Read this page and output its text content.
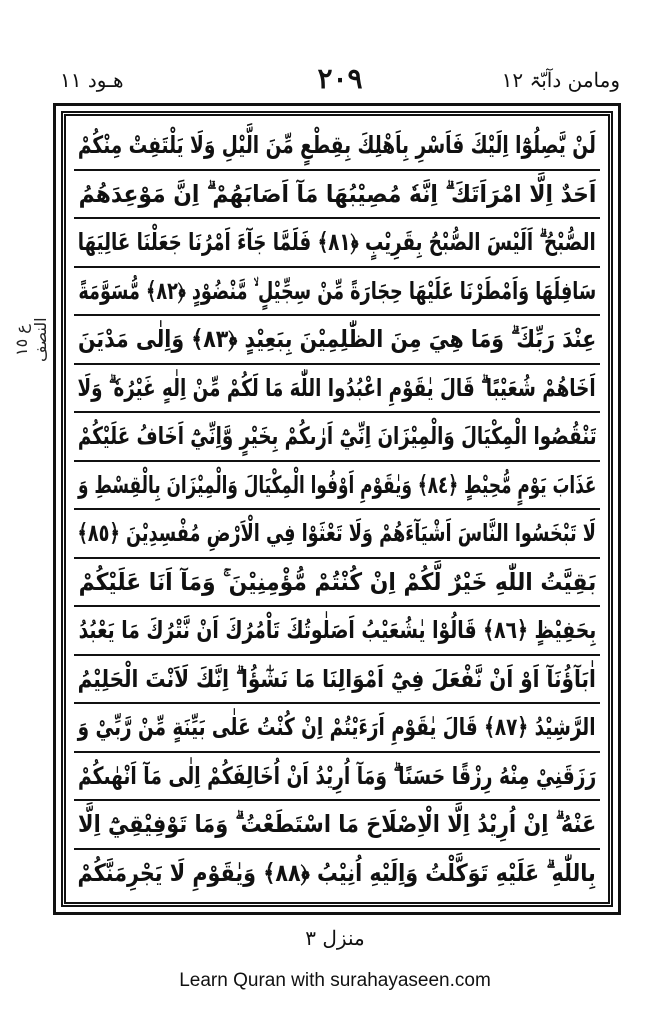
ھـود ۱۱	۲۰۹	ومامن دآبّۃ ۱۲
ع ١٥ النصف
لَنْ يَّصِلُوْٓا اِلَيْكَ فَاَسْرِ بِاَهْلِكَ بِقِطْعٍ مِّنَ الَّيْلِ وَلَا يَلْتَفِتْ مِنْكُمْ
اَحَدٌ اِلَّا امْرَاَتَكَ ۗ اِنَّهٗ مُصِيْبُهَا مَآ اَصَابَهُمْ ۗ اِنَّ مَوْعِدَهُمُ
الصُّبْحُ ۗ اَلَيْسَ الصُّبْحُ بِقَرِيْبٍ ﴿٨١﴾ فَلَمَّا جَآءَ اَمْرُنَا جَعَلْنَا عَالِيَهَا
سَافِلَهَا وَاَمْطَرْنَا عَلَيْهَا حِجَارَةً مِّنْ سِجِّيْلٍ ۙ مَّنْضُوْدٍ ﴿٨٢﴾ مُّسَوَّمَةً
عِنْدَ رَبِّكَ ۗ وَمَا هِيَ مِنَ الظّٰلِمِيْنَ بِبَعِيْدٍ ﴿٨٣﴾ وَاِلٰى مَدْيَنَ
اَخَاهُمْ شُعَيْبًا ۗ قَالَ يٰقَوْمِ اعْبُدُوا اللّٰهَ مَا لَكُمْ مِّنْ اِلٰهٍ غَيْرُهٗ ۗ وَلَا
تَنْقُصُوا الْمِكْيَالَ وَالْمِيْزَانَ اِنِّيْٓ اَرٰىكُمْ بِخَيْرٍ وَّاِنِّيْٓ اَخَافُ عَلَيْكُمْ
عَذَابَ يَوْمٍ مُّحِيْطٍ ﴿٨٤﴾ وَيٰقَوْمِ اَوْفُوا الْمِكْيَالَ وَالْمِيْزَانَ بِالْقِسْطِ وَ
لَا تَبْخَسُوا النَّاسَ اَشْيَآءَهُمْ وَلَا تَعْثَوْا فِي الْاَرْضِ مُفْسِدِيْنَ ﴿٨٥﴾
بَقِيَّتُ اللّٰهِ خَيْرٌ لَّكُمْ اِنْ كُنْتُمْ مُّؤْمِنِيْنَ ۚ وَمَآ اَنَا عَلَيْكُمْ
بِحَفِيْظٍ ﴿٨٦﴾ قَالُوْا يٰشُعَيْبُ اَصَلٰوتُكَ تَاْمُرُكَ اَنْ نَّتْرُكَ مَا يَعْبُدُ
اٰبَآؤُنَآ اَوْ اَنْ نَّفْعَلَ فِيْٓ اَمْوَالِنَا مَا نَشٰٓؤُا ۗ اِنَّكَ لَاَنْتَ الْحَلِيْمُ
الرَّشِيْدُ ﴿٨٧﴾ قَالَ يٰقَوْمِ اَرَءَيْتُمْ اِنْ كُنْتُ عَلٰى بَيِّنَةٍ مِّنْ رَّبِّيْ وَ
رَزَقَنِيْ مِنْهُ رِزْقًا حَسَنًا ۗ وَمَآ اُرِيْدُ اَنْ اُخَالِفَكُمْ اِلٰى مَآ اَنْهٰىكُمْ
عَنْهُ ۗ اِنْ اُرِيْدُ اِلَّا الْاِصْلَاحَ مَا اسْتَطَعْتُ ۗ وَمَا تَوْفِيْقِيْٓ اِلَّا
بِاللّٰهِ ۗ عَلَيْهِ تَوَكَّلْتُ وَاِلَيْهِ اُنِيْبُ ﴿٨٨﴾ وَيٰقَوْمِ لَا يَجْرِمَنَّكُمْ
منزل ۳
Learn Quran with surahayaseen.com
